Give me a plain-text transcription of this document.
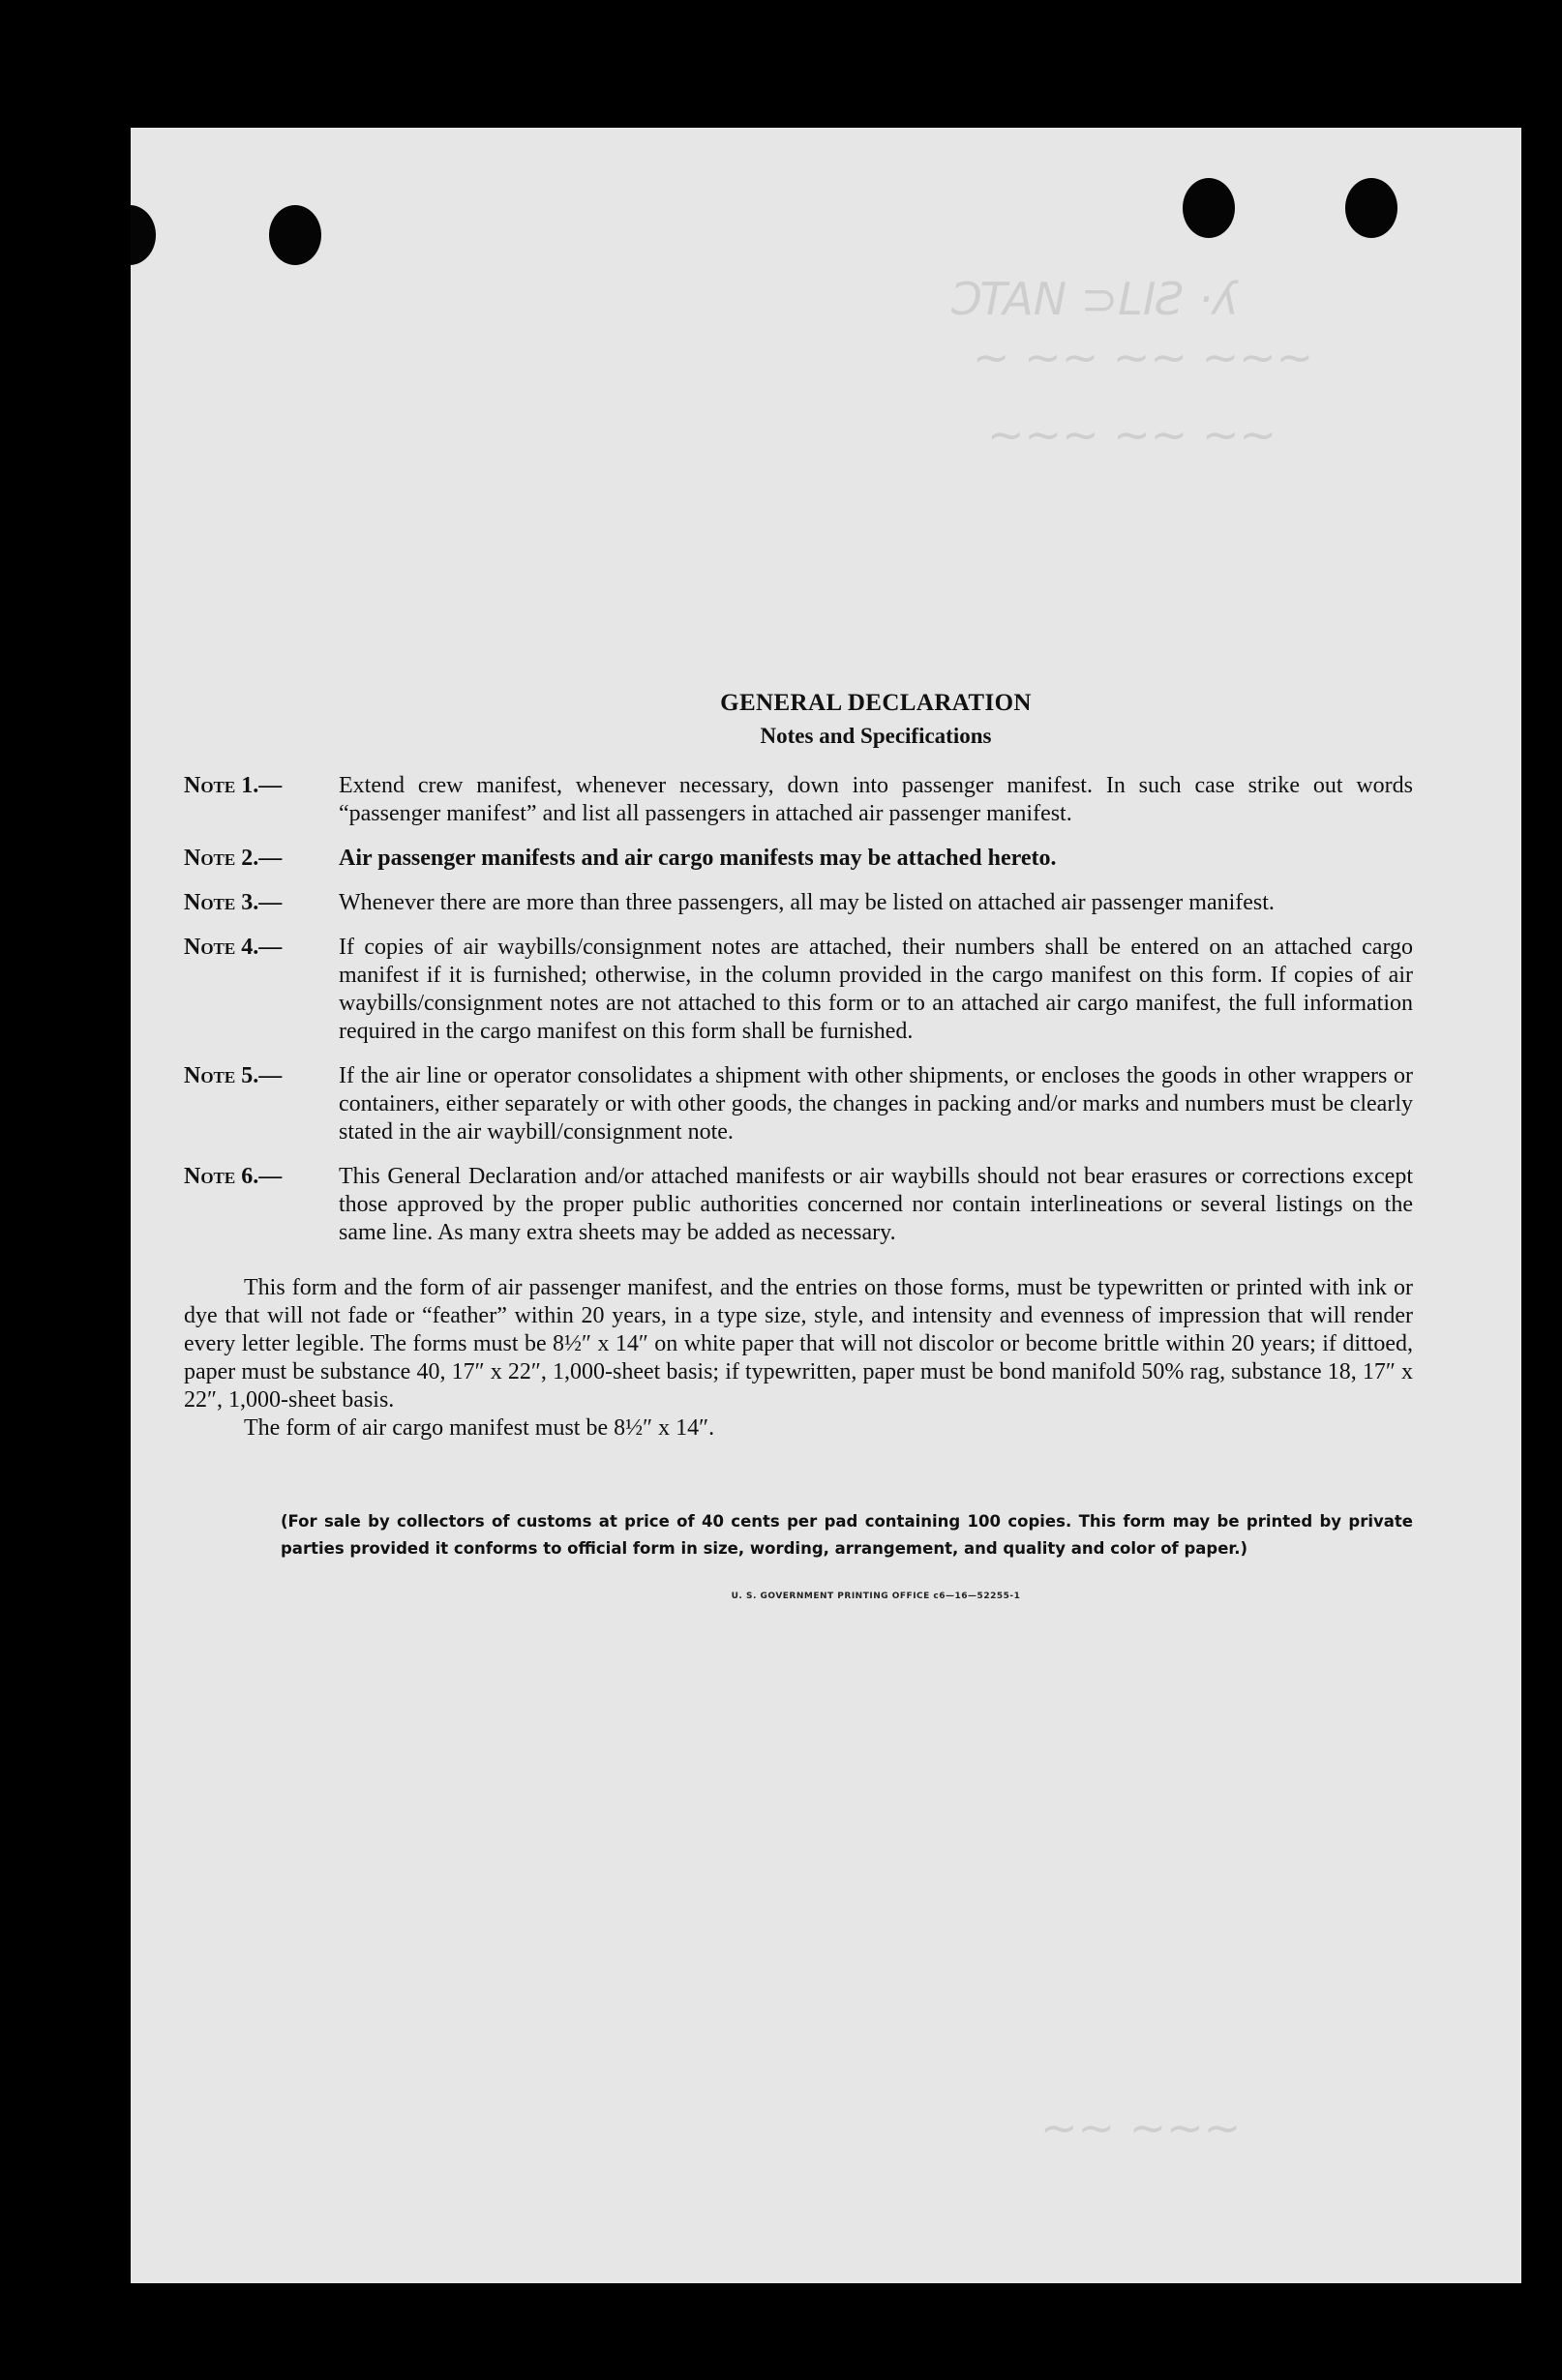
ƆTAN ⊃LIƧ ·ʎ
~ ~~ ~~ ~~~
~~~ ~~ ~~
~~ ~~~
GENERAL DECLARATION
Notes and Specifications
Note 1.—	Extend crew manifest, whenever necessary, down into passenger manifest. In such case strike out words “passenger manifest” and list all passengers in attached air passenger manifest.
Note 2.—	Air passenger manifests and air cargo manifests may be attached hereto.
Note 3.—	Whenever there are more than three passengers, all may be listed on attached air passenger manifest.
Note 4.—	If copies of air waybills/consignment notes are attached, their numbers shall be entered on an attached cargo manifest if it is furnished; otherwise, in the column provided in the cargo manifest on this form. If copies of air waybills/consignment notes are not attached to this form or to an attached air cargo manifest, the full information required in the cargo manifest on this form shall be furnished.
Note 5.—	If the air line or operator consolidates a shipment with other shipments, or encloses the goods in other wrappers or containers, either separately or with other goods, the changes in packing and/or marks and numbers must be clearly stated in the air waybill/consignment note.
Note 6.—	This General Declaration and/or attached manifests or air waybills should not bear erasures or corrections except those approved by the proper public authorities concerned nor contain interlineations or several listings on the same line. As many extra sheets may be added as necessary.
This form and the form of air passenger manifest, and the entries on those forms, must be typewritten or printed with ink or dye that will not fade or “feather” within 20 years, in a type size, style, and intensity and evenness of impression that will render every letter legible. The forms must be 8½″ x 14″ on white paper that will not discolor or become brittle within 20 years; if dittoed, paper must be substance 40, 17″ x 22″, 1,000-sheet basis; if typewritten, paper must be bond manifold 50% rag, substance 18, 17″ x 22″, 1,000-sheet basis.
The form of air cargo manifest must be 8½″ x 14″.
(For sale by collectors of customs at price of 40 cents per pad containing 100 copies. This form may be printed by private parties provided it conforms to official form in size, wording, arrangement, and quality and color of paper.)
U. S. GOVERNMENT PRINTING OFFICE c6—16—52255-1
